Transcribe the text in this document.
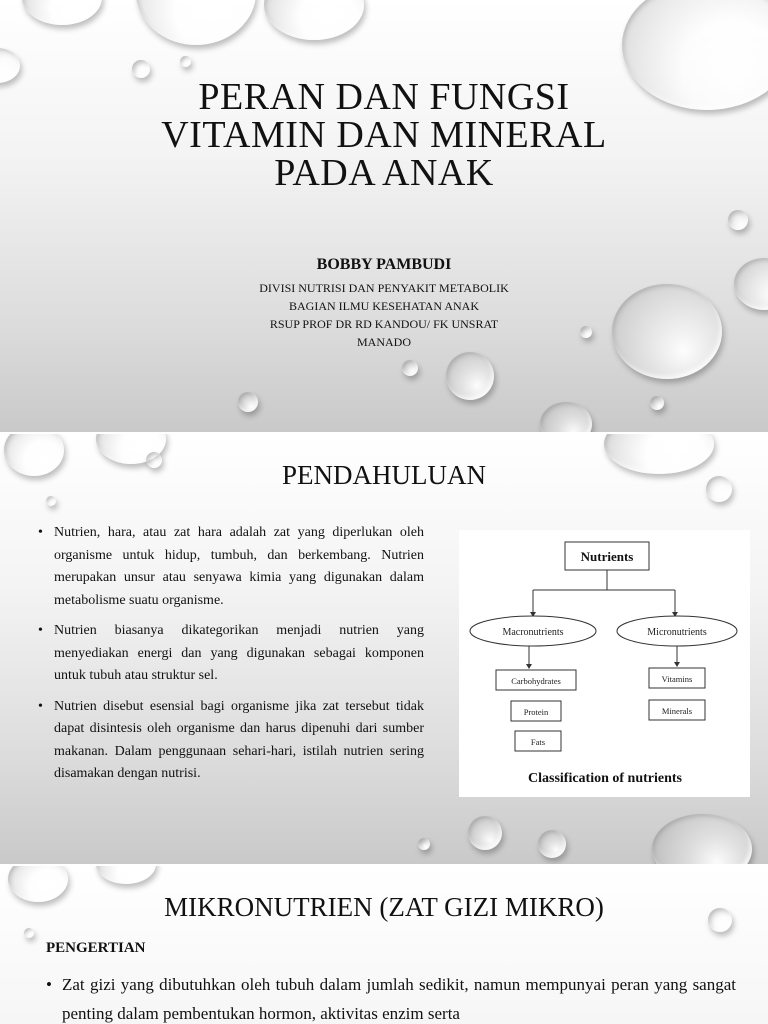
PERAN DAN FUNGSI
VITAMIN DAN MINERAL
PADA ANAK
BOBBY PAMBUDI
DIVISI NUTRISI DAN PENYAKIT METABOLIK
BAGIAN ILMU KESEHATAN ANAK
RSUP PROF DR RD KANDOU/ FK UNSRAT
MANADO
PENDAHULUAN
• Nutrien, hara, atau zat hara adalah zat yang diperlukan oleh organisme untuk hidup, tumbuh, dan berkembang. Nutrien merupakan unsur atau senyawa kimia yang digunakan dalam metabolisme suatu organisme.
• Nutrien biasanya dikategorikan menjadi nutrien yang menyediakan energi dan yang digunakan sebagai komponen untuk tubuh atau struktur sel.
• Nutrien disebut esensial bagi organisme jika zat tersebut tidak dapat disintesis oleh organisme dan harus dipenuhi dari sumber makanan. Dalam penggunaan sehari-hari, istilah nutrien sering disamakan dengan nutrisi.
Nutrients
Macronutrients	Micronutrients
Carbohydrates
Protein
Fats
Vitamins
Minerals
Classification of nutrients
MIKRONUTRIEN (ZAT GIZI MIKRO)
PENGERTIAN
• Zat gizi yang dibutuhkan oleh tubuh dalam jumlah sedikit, namun mempunyai peran yang sangat penting dalam pembentukan hormon, aktivitas enzim serta
